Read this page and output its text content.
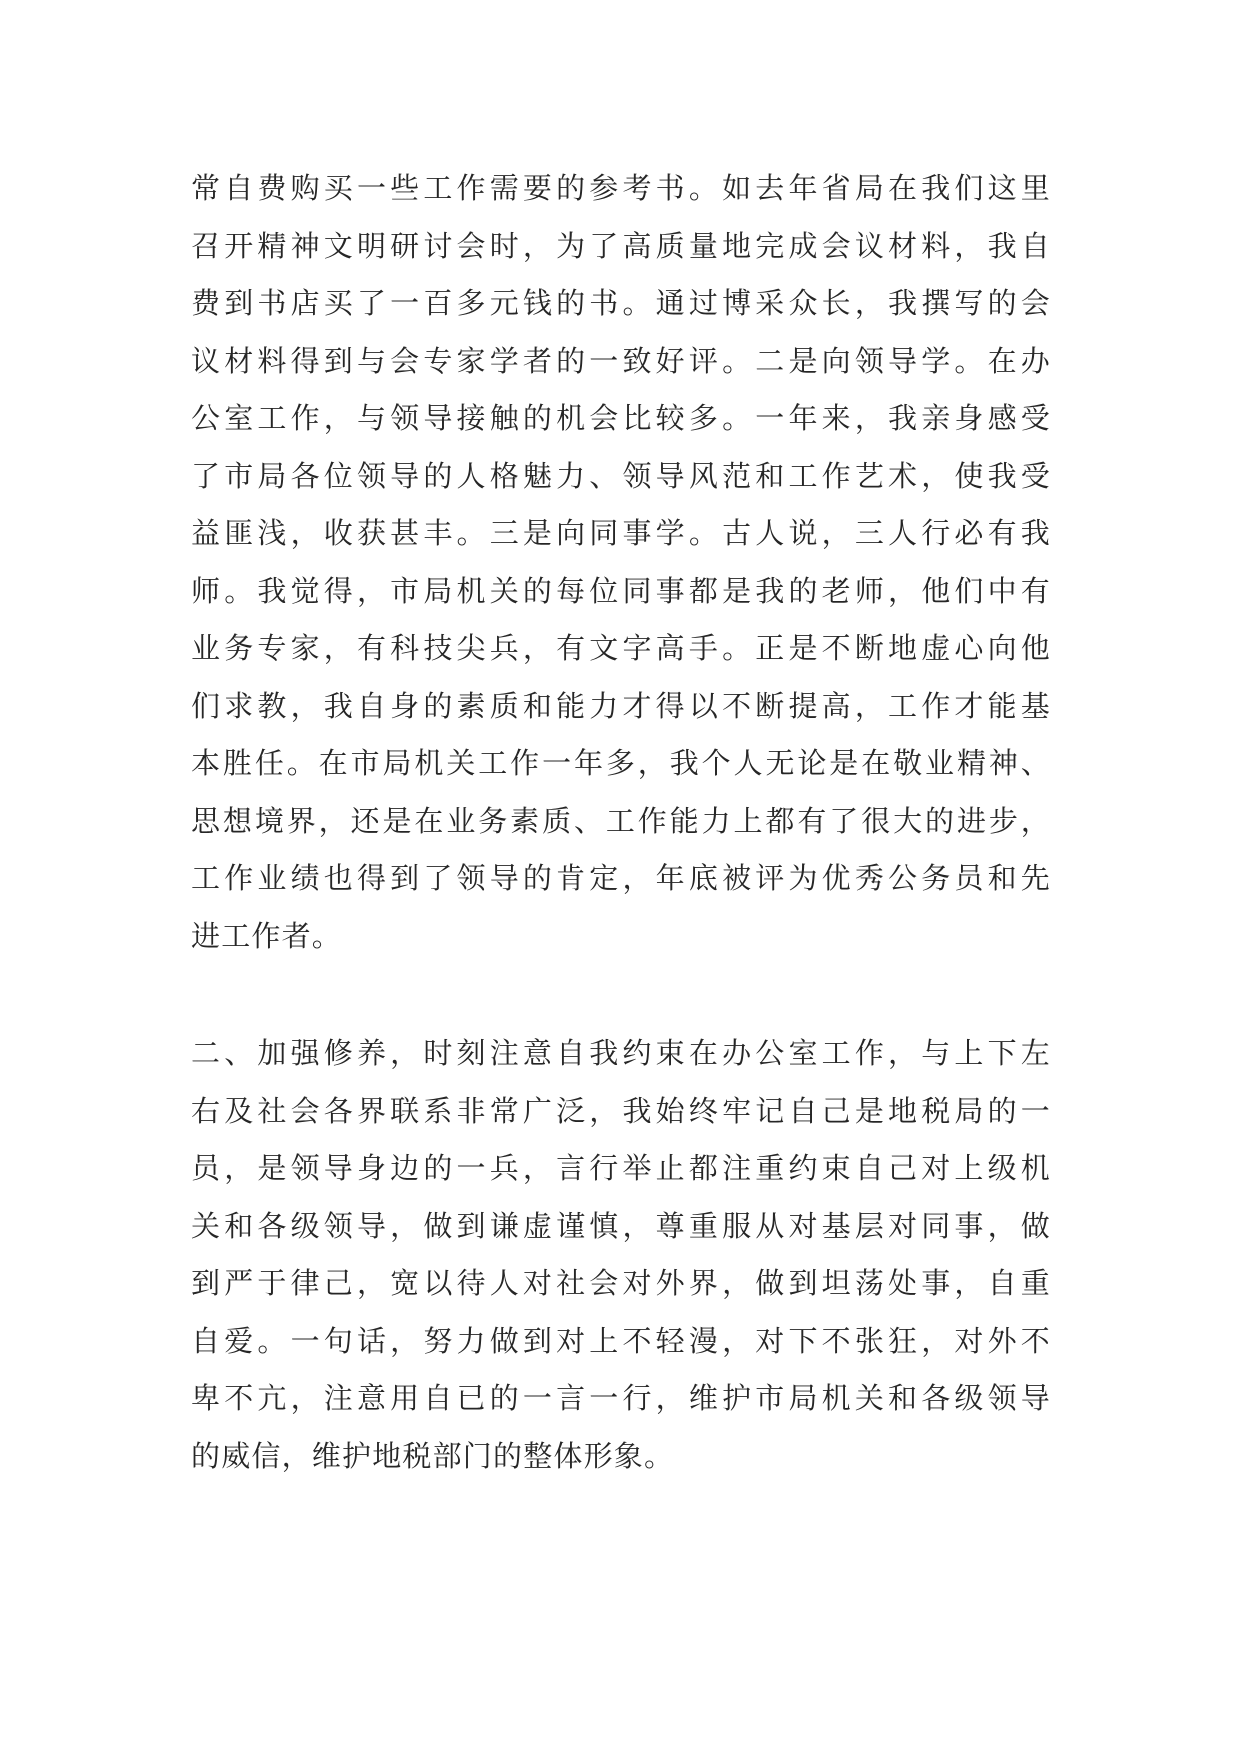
常自费购买一些工作需要的参考书。如去年省局在我们这里
召开精神文明研讨会时，为了高质量地完成会议材料，我自
费到书店买了一百多元钱的书。通过博采众长，我撰写的会
议材料得到与会专家学者的一致好评。二是向领导学。在办
公室工作，与领导接触的机会比较多。一年来，我亲身感受
了市局各位领导的人格魅力、领导风范和工作艺术，使我受
益匪浅，收获甚丰。三是向同事学。古人说，三人行必有我
师。我觉得，市局机关的每位同事都是我的老师，他们中有
业务专家，有科技尖兵，有文字高手。正是不断地虚心向他
们求教，我自身的素质和能力才得以不断提高，工作才能基
本胜任。在市局机关工作一年多，我个人无论是在敬业精神、
思想境界，还是在业务素质、工作能力上都有了很大的进步，
工作业绩也得到了领导的肯定，年底被评为优秀公务员和先
进工作者。
二、加强修养，时刻注意自我约束在办公室工作，与上下左
右及社会各界联系非常广泛，我始终牢记自己是地税局的一
员，是领导身边的一兵，言行举止都注重约束自己对上级机
关和各级领导，做到谦虚谨慎，尊重服从对基层对同事，做
到严于律己，宽以待人对社会对外界，做到坦荡处事，自重
自爱。一句话，努力做到对上不轻漫，对下不张狂，对外不
卑不亢，注意用自已的一言一行，维护市局机关和各级领导
的威信，维护地税部门的整体形象。
